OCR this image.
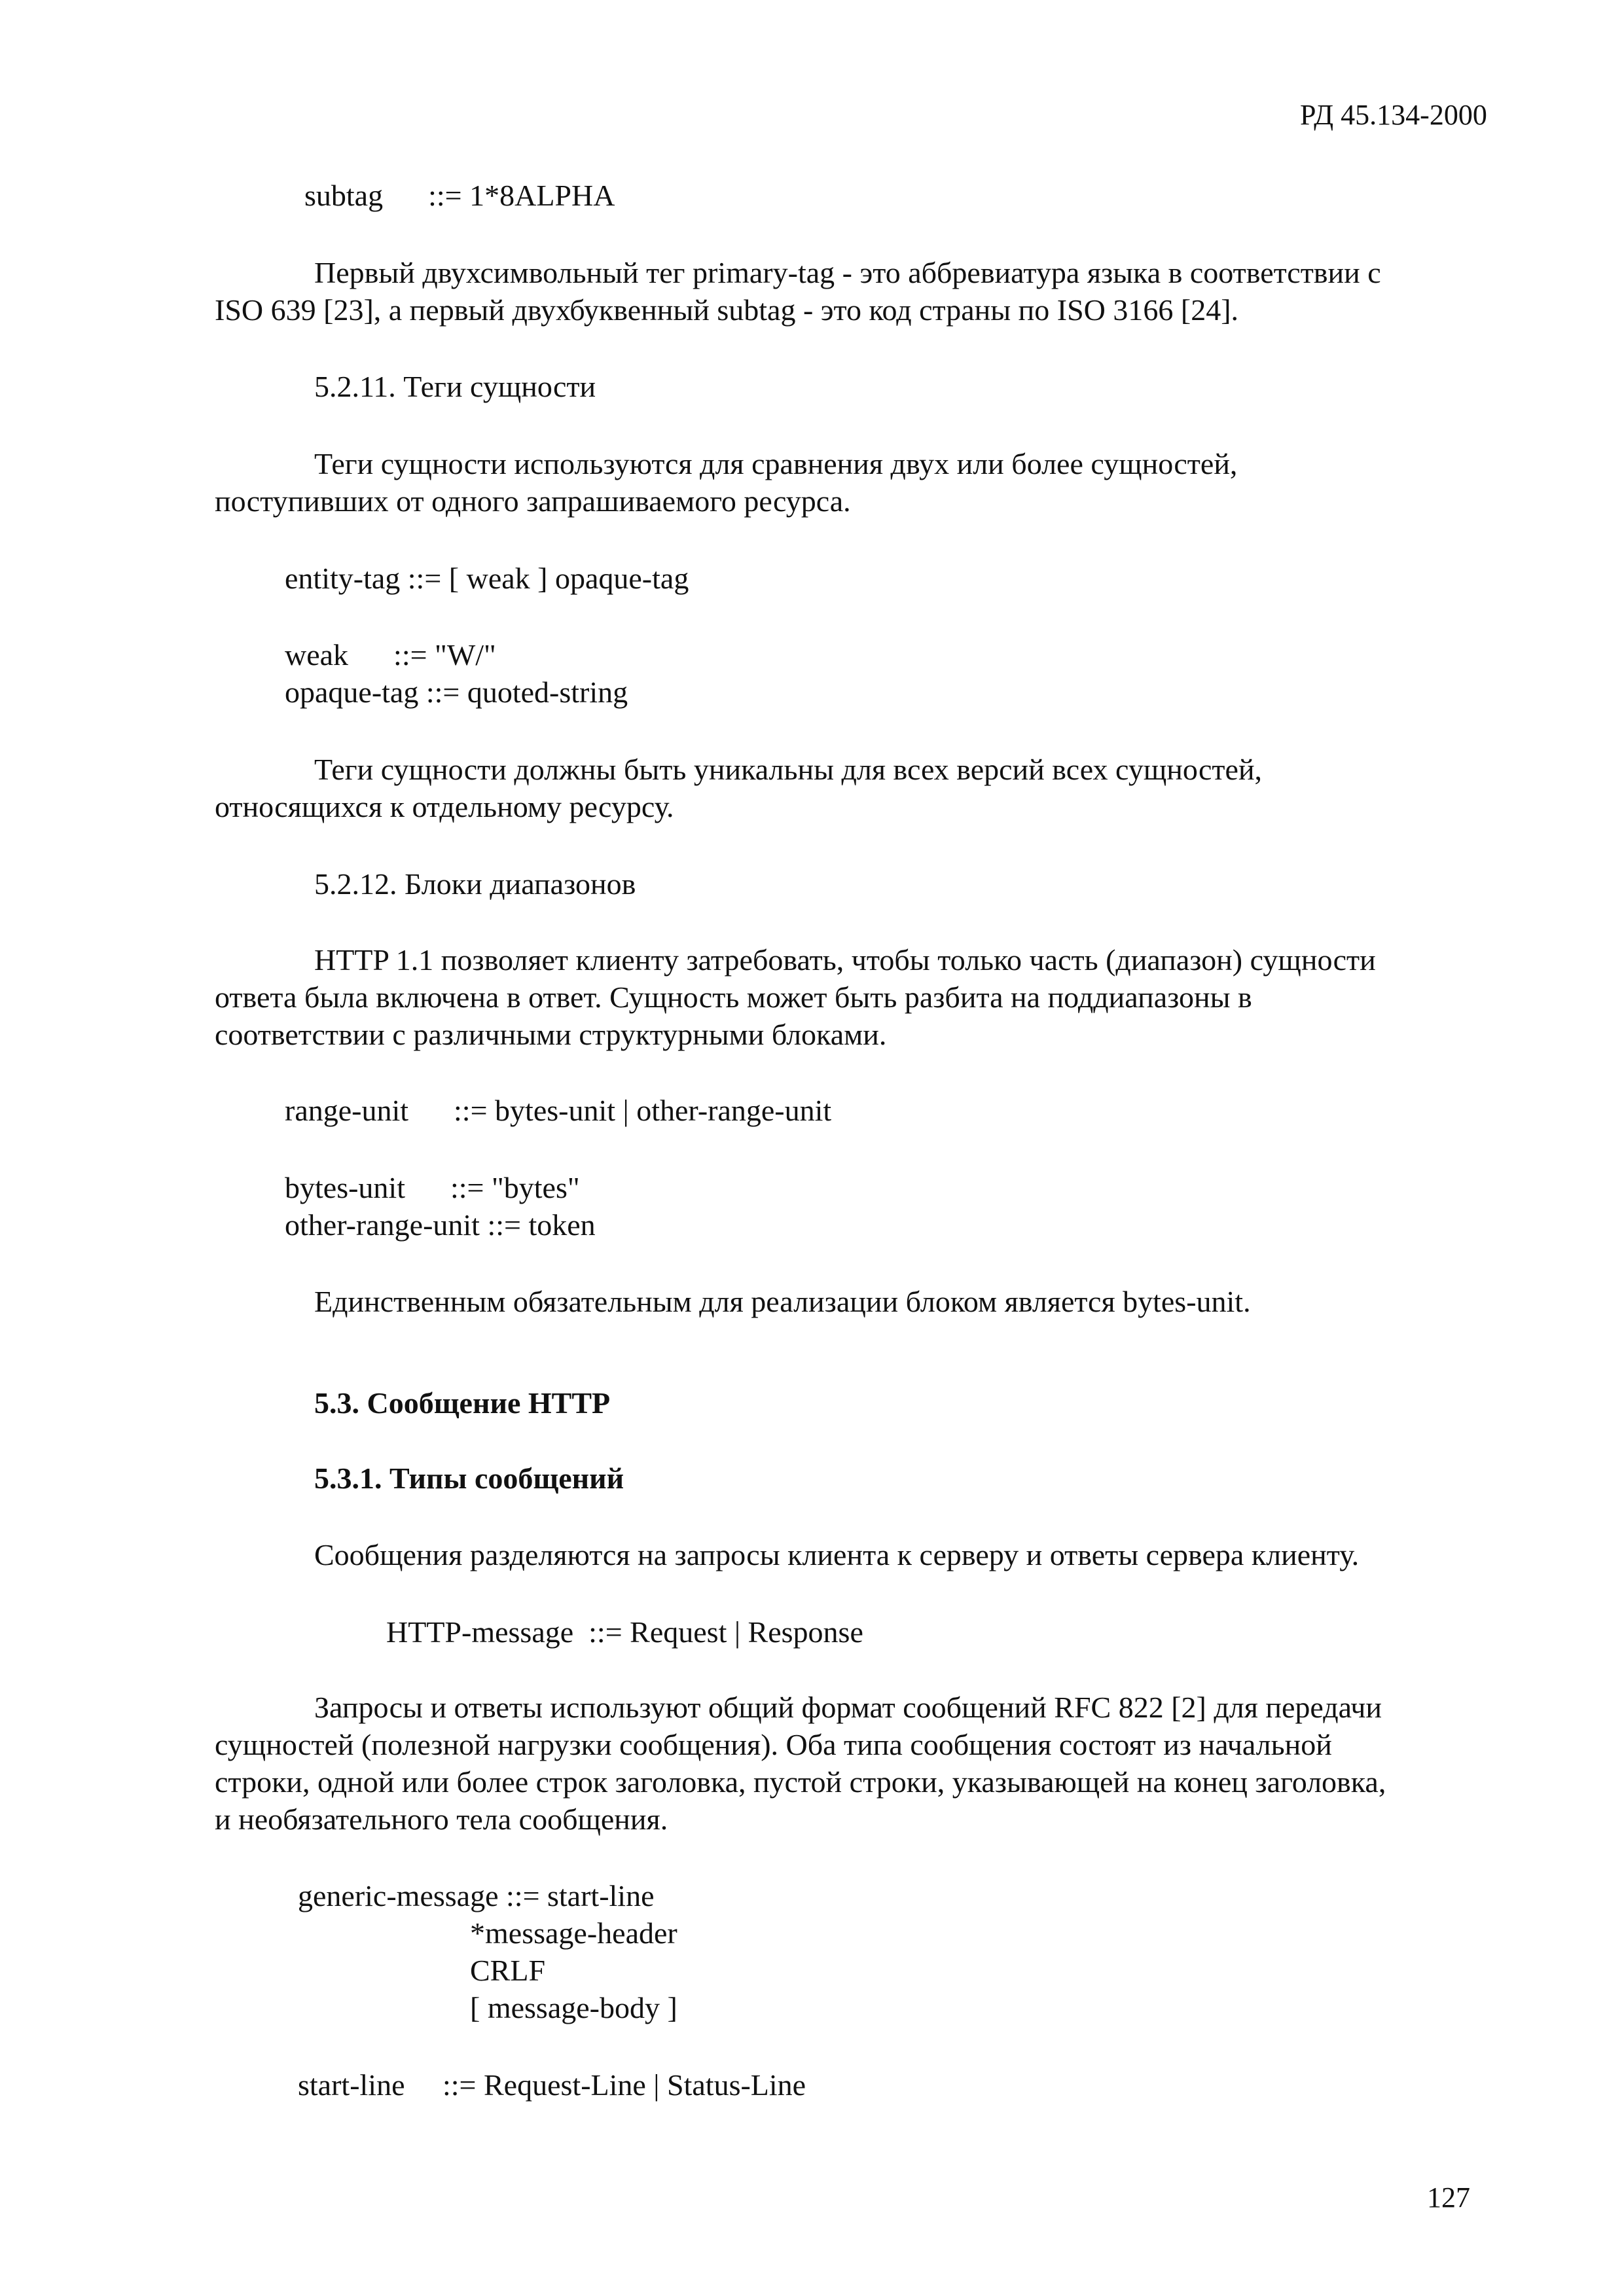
РД 45.134-2000
subtag      ::= 1*8ALPHA
Первый двухсимвольный тег primary-tag - это аббревиатура языка в соответствии с
ISO 639 [23], а первый двухбуквенный subtag - это код страны по ISO 3166 [24].
5.2.11. Теги сущности
Теги сущности используются для сравнения двух или более сущностей,
поступивших от одного запрашиваемого ресурса.
entity-tag ::= [ weak ] opaque-tag
weak      ::= "W/"
opaque-tag ::= quoted-string
Теги сущности должны быть уникальны для всех версий всех сущностей,
относящихся к отдельному ресурсу.
5.2.12. Блоки диапазонов
HTTP 1.1 позволяет клиенту затребовать, чтобы только часть (диапазон) сущности
ответа была включена в ответ. Сущность может быть разбита на поддиапазоны в
соответствии с различными структурными блоками.
range-unit      ::= bytes-unit | other-range-unit
bytes-unit      ::= "bytes"
other-range-unit ::= token
Единственным обязательным для реализации блоком является bytes-unit.
5.3. Сообщение HTTP
5.3.1. Типы сообщений
Сообщения разделяются на запросы клиента к серверу и ответы сервера клиенту.
HTTP-message  ::= Request | Response
Запросы и ответы используют общий формат сообщений RFC 822 [2] для передачи
сущностей (полезной нагрузки сообщения). Оба типа сообщения состоят из начальной
строки, одной или более строк заголовка, пустой строки, указывающей на конец заголовка,
и необязательного тела сообщения.
generic-message ::= start-line
*message-header
CRLF
[ message-body ]
start-line     ::= Request-Line | Status-Line
127
